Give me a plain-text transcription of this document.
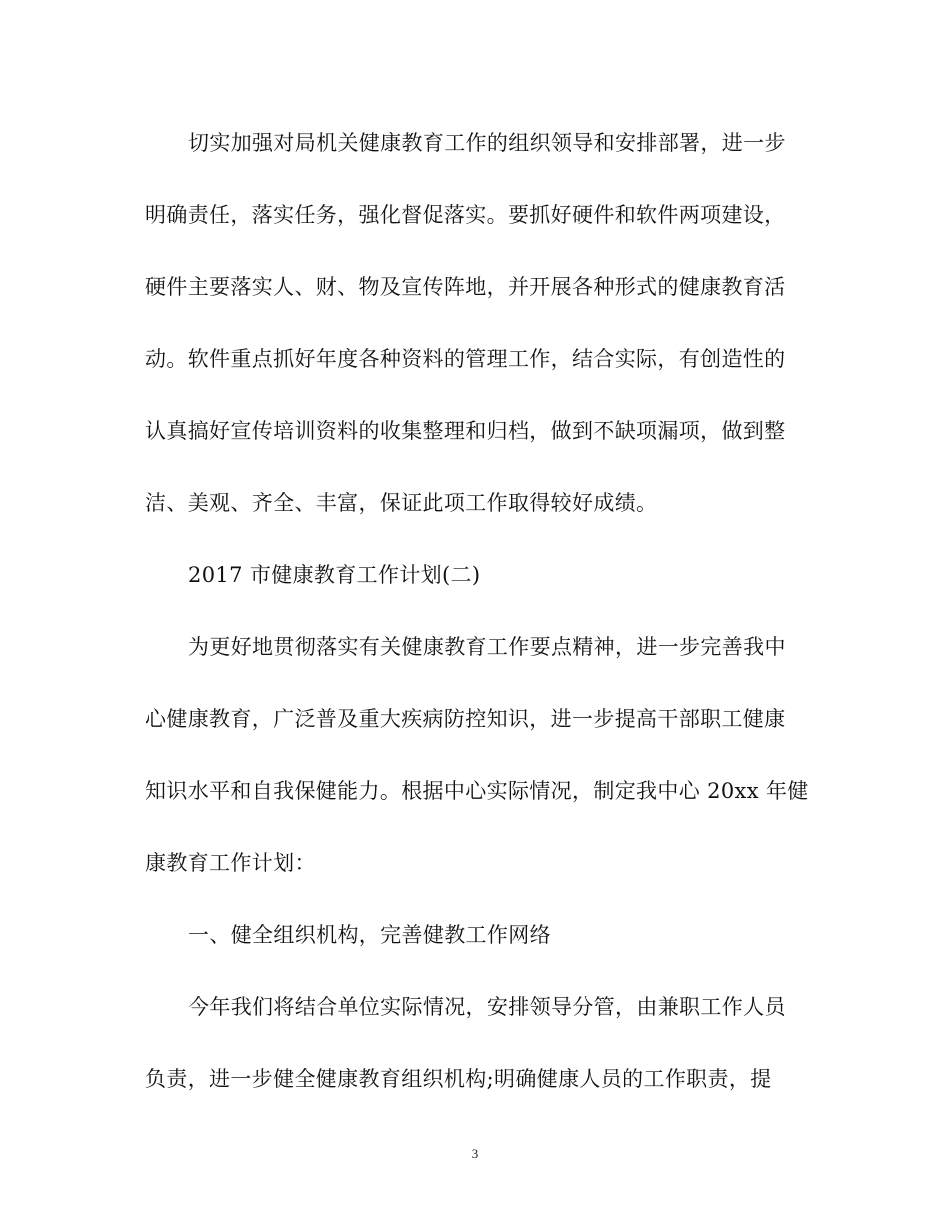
切实加强对局机关健康教育工作的组织领导和安排部署，进一步
明确责任，落实任务，强化督促落实。要抓好硬件和软件两项建设，
硬件主要落实人、财、物及宣传阵地，并开展各种形式的健康教育活
动。软件重点抓好年度各种资料的管理工作，结合实际，有创造性的
认真搞好宣传培训资料的收集整理和归档，做到不缺项漏项，做到整
洁、美观、齐全、丰富，保证此项工作取得较好成绩。
2017 市健康教育工作计划(二)
为更好地贯彻落实有关健康教育工作要点精神，进一步完善我中
心健康教育，广泛普及重大疾病防控知识，进一步提高干部职工健康
知识水平和自我保健能力。根据中心实际情况，制定我中心 20xx 年健
康教育工作计划：
一、健全组织机构，完善健教工作网络
今年我们将结合单位实际情况，安排领导分管，由兼职工作人员
负责，进一步健全健康教育组织机构;明确健康人员的工作职责，提
3
